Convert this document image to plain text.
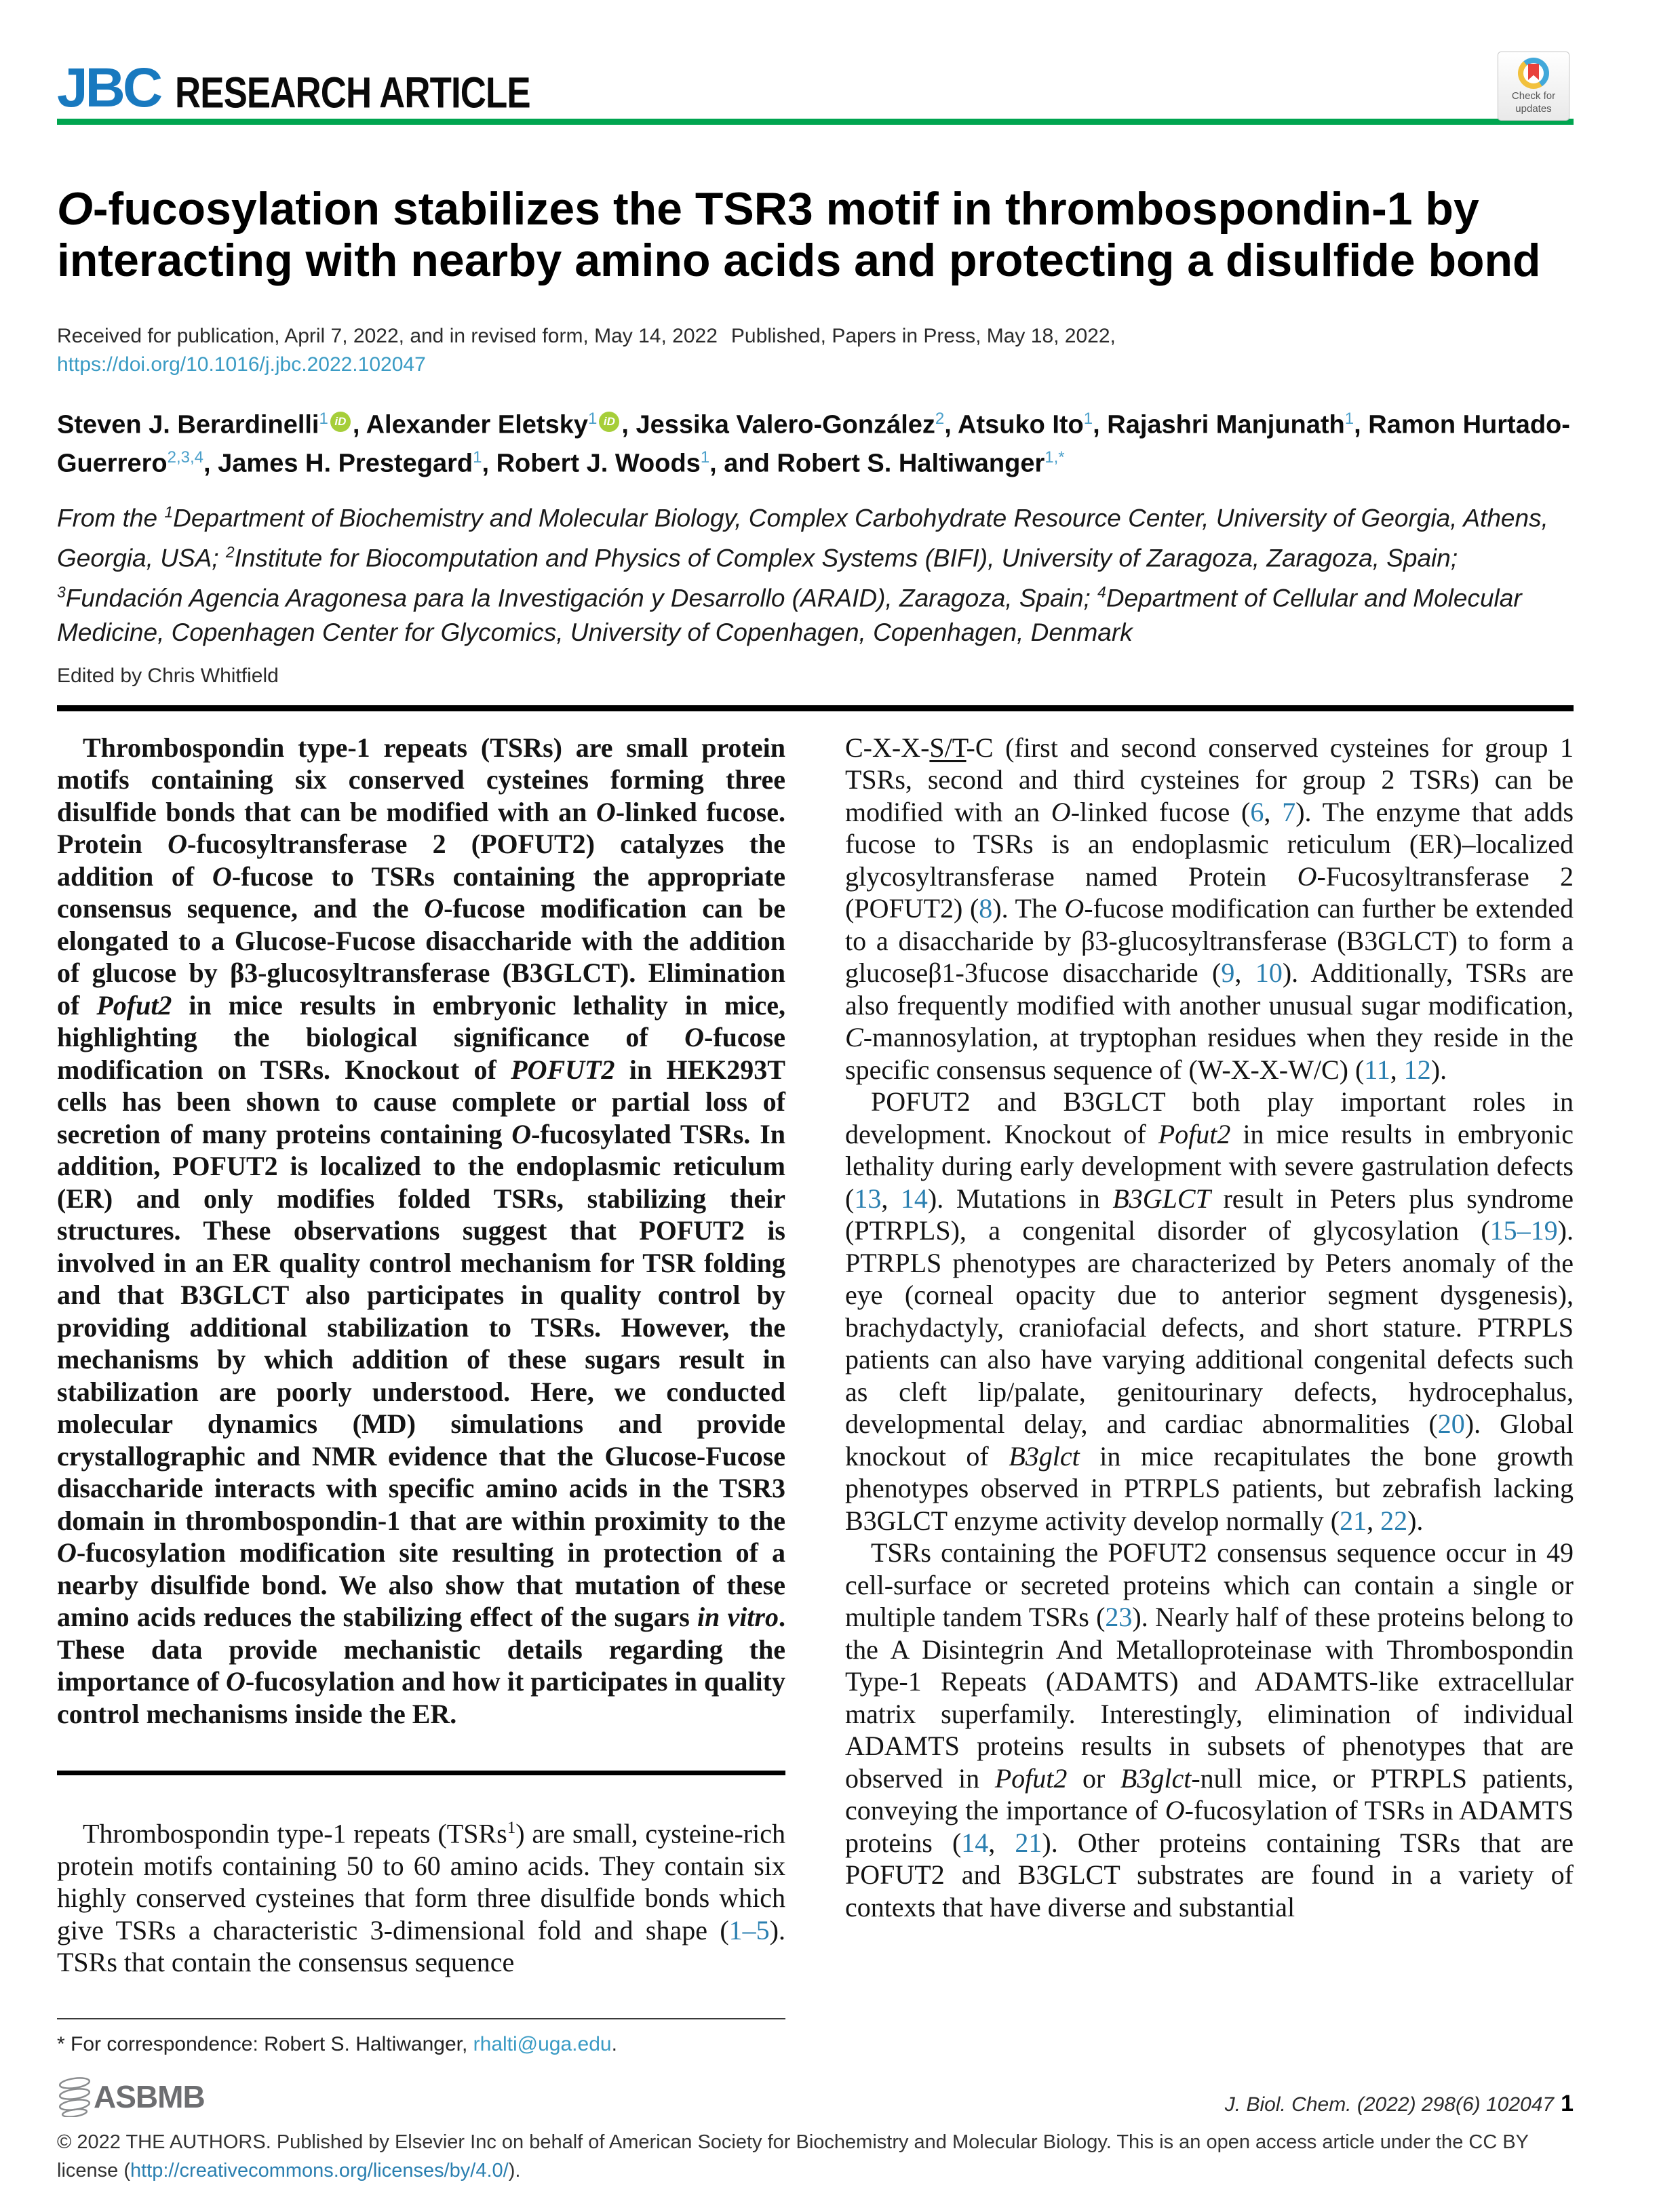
JBC RESEARCH ARTICLE
O-fucosylation stabilizes the TSR3 motif in thrombospondin-1 by interacting with nearby amino acids and protecting a disulfide bond

Received for publication, April 7, 2022, and in revised form, May 14, 2022 Published, Papers in Press, May 18, 2022,

https://doi.org/10.1016/j.jbc.2022.102047

Steven J. Berardinelli$^1$ iD , Alexander Eletsky$^1$ iD , Jessika Valero-González$^2$, Atsuko Ito$^1$, Rajashri Manjunath$^1$, Ramon Hurtado-Guerrero$^{2,3,4}$, James H. Prestegard$^1$, Robert J. Woods$^1$, and Robert S. Haltiwanger$^{1,*}$

From the $^1$Department of Biochemistry and Molecular Biology, Complex Carbohydrate Resource Center, University of Georgia, Athens, Georgia, USA; $^2$Institute for Biocomputation and Physics of Complex Systems (BIFI), University of Zaragoza, Zaragoza, Spain; $^3$Fundación Agencia Aragonesa para la Investigación y Desarrollo (ARAID), Zaragoza, Spain; $^4$Department of Cellular and Molecular Medicine, Copenhagen Center for Glycomics, University of Copenhagen, Copenhagen, Denmark

Edited by Chris Whitfield

Thrombospondin type-1 repeats (TSRs) are small protein motifs containing six conserved cysteines forming three disulfide bonds that can be modified with an O-linked fucose. Protein O-fucosyltransferase 2 (POFUT2) catalyzes the addition of O-fucose to TSRs containing the appropriate consensus sequence, and the O-fucose modification can be elongated to a Glucose-Fucose disaccharide with the addition of glucose by β3-glucosyltransferase (B3GLCT). Elimination of Pofut2 in mice results in embryonic lethality in mice, highlighting the biological significance of O-fucose modification on TSRs. Knockout of POFUT2 in HEK293T cells has been shown to cause complete or partial loss of secretion of many proteins containing O-fucosylated TSRs. In addition, POFUT2 is localized to the endoplasmic reticulum (ER) and only modifies folded TSRs, stabilizing their structures. These observations suggest that POFUT2 is involved in an ER quality control mechanism for TSR folding and that B3GLCT also participates in quality control by providing additional stabilization to TSRs. However, the mechanisms by which addition of these sugars result in stabilization are poorly understood. Here, we conducted molecular dynamics (MD) simulations and provide crystallographic and NMR evidence that the Glucose-Fucose disaccharide interacts with specific amino acids in the TSR3 domain in thrombospondin-1 that are within proximity to the O-fucosylation modification site resulting in protection of a nearby disulfide bond. We also show that mutation of these amino acids reduces the stabilizing effect of the sugars in vitro. These data provide mechanistic details regarding the importance of O-fucosylation and how it participates in quality control mechanisms inside the ER.

Thrombospondin type-1 repeats (TSRs$^1$) are small, cysteine-rich protein motifs containing 50 to 60 amino acids. They contain six highly conserved cysteines that form three disulfide bonds which give TSRs a characteristic 3-dimensional fold and shape (1–5). TSRs that contain the consensus sequence

* For correspondence: Robert S. Haltiwanger, rhalti@uga.edu.

C-X-X-S/T-C (first and second conserved cysteines for group 1 TSRs, second and third cysteines for group 2 TSRs) can be modified with an O-linked fucose (6, 7). The enzyme that adds fucose to TSRs is an endoplasmic reticulum (ER)–localized glycosyltransferase named Protein O-Fucosyltransferase 2 (POFUT2) (8). The O-fucose modification can further be extended to a disaccharide by β3-glucosyltransferase (B3GLCT) to form a glucoseβ1-3fucose disaccharide (9, 10). Additionally, TSRs are also frequently modified with another unusual sugar modification, C-mannosylation, at tryptophan residues when they reside in the specific consensus sequence of (W-X-X-W/C) (11, 12).

POFUT2 and B3GLCT both play important roles in development. Knockout of Pofut2 in mice results in embryonic lethality during early development with severe gastrulation defects (13, 14). Mutations in B3GLCT result in Peters plus syndrome (PTRPLS), a congenital disorder of glycosylation (15–19). PTRPLS phenotypes are characterized by Peters anomaly of the eye (corneal opacity due to anterior segment dysgenesis), brachydactyly, craniofacial defects, and short stature. PTRPLS patients can also have varying additional congenital defects such as cleft lip/palate, genitourinary defects, hydrocephalus, developmental delay, and cardiac abnormalities (20). Global knockout of B3glct in mice recapitulates the bone growth phenotypes observed in PTRPLS patients, but zebrafish lacking B3GLCT enzyme activity develop normally (21, 22).

TSRs containing the POFUT2 consensus sequence occur in 49 cell-surface or secreted proteins which can contain a single or multiple tandem TSRs (23). Nearly half of these proteins belong to the A Disintegrin And Metalloproteinase with Thrombospondin Type-1 Repeats (ADAMTS) and ADAMTS-like extracellular matrix superfamily. Interestingly, elimination of individual ADAMTS proteins results in subsets of phenotypes that are observed in Pofut2 or B3glct-null mice, or PTRPLS patients, conveying the importance of O-fucosylation of TSRs in ADAMTS proteins (14, 21). Other proteins containing TSRs that are POFUT2 and B3GLCT substrates are found in a variety of contexts that have diverse and substantial

Check for
updates
ASBMB	J. Biol. Chem. (2022) 298(6) 102047 1

© 2022 THE AUTHORS. Published by Elsevier Inc on behalf of American Society for Biochemistry and Molecular Biology. This is an open access article under the CC BY license (http://creativecommons.org/licenses/by/4.0/).
